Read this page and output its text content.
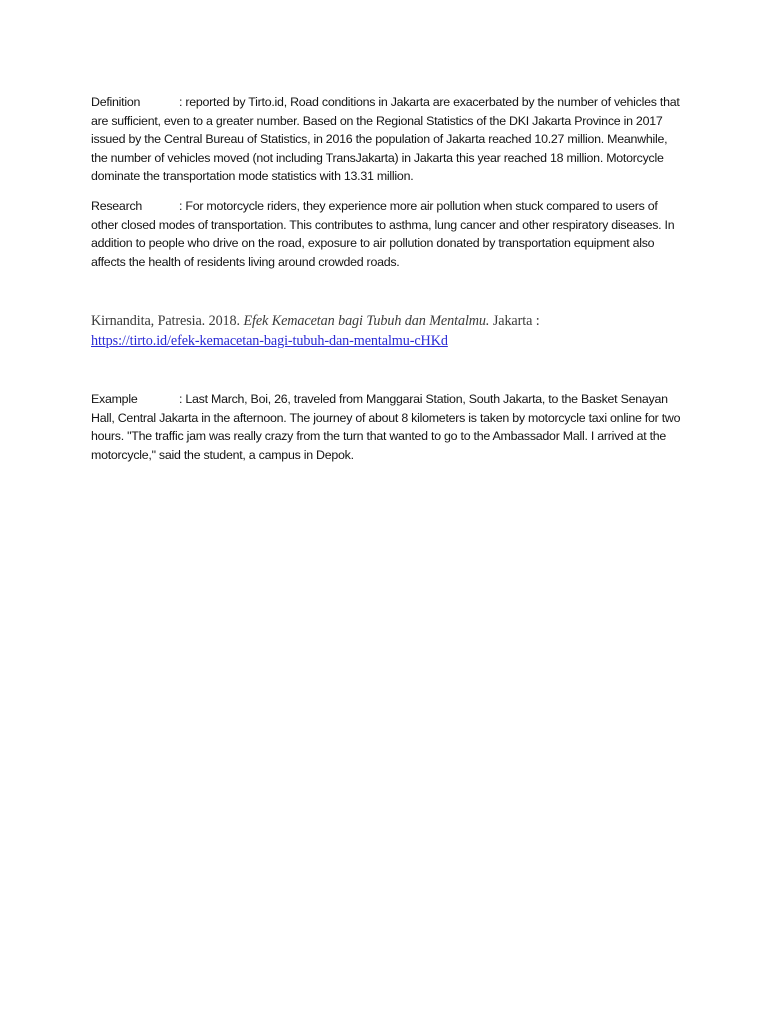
Definition	: reported by Tirto.id, Road conditions in Jakarta are exacerbated by the number of vehicles that are sufficient, even to a greater number. Based on the Regional Statistics of the DKI Jakarta Province in 2017 issued by the Central Bureau of Statistics, in 2016 the population of Jakarta reached 10.27 million. Meanwhile, the number of vehicles moved (not including TransJakarta) in Jakarta this year reached 18 million. Motorcycle dominate the transportation mode statistics with 13.31 million.
Research	: For motorcycle riders, they experience more air pollution when stuck compared to users of other closed modes of transportation. This contributes to asthma, lung cancer and other respiratory diseases. In addition to people who drive on the road, exposure to air pollution donated by transportation equipment also affects the health of residents living around crowded roads.
Kirnandita, Patresia. 2018. Efek Kemacetan bagi Tubuh dan Mentalmu. Jakarta :
https://tirto.id/efek-kemacetan-bagi-tubuh-dan-mentalmu-cHKd
Example	: Last March, Boi, 26, traveled from Manggarai Station, South Jakarta, to the Basket Senayan Hall, Central Jakarta in the afternoon. The journey of about 8 kilometers is taken by motorcycle taxi online for two hours. "The traffic jam was really crazy from the turn that wanted to go to the Ambassador Mall. I arrived at the motorcycle," said the student, a campus in Depok.
